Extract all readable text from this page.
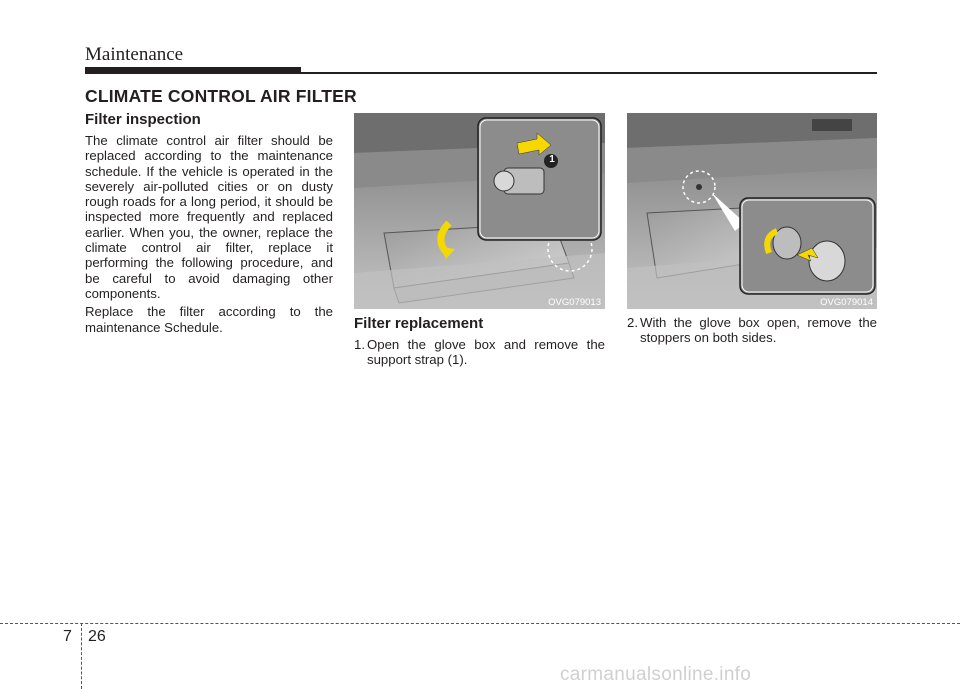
Maintenance
CLIMATE CONTROL AIR FILTER
Filter inspection

The climate control air filter should be replaced according to the maintenance schedule. If the vehicle is operated in the severely air-polluted cities or on dusty rough roads for a long period, it should be inspected more frequently and replaced earlier. When you, the owner, replace the climate control air filter, replace it performing the following procedure, and be careful to avoid damaging other components.

Replace the filter according to the maintenance Schedule.

1
OVG079013	OVG079014
Filter replacement
1. Open the glove box and remove the support strap (1).
2. With the glove box open, remove the stoppers on both sides.
7 26
carmanualsonline.info
